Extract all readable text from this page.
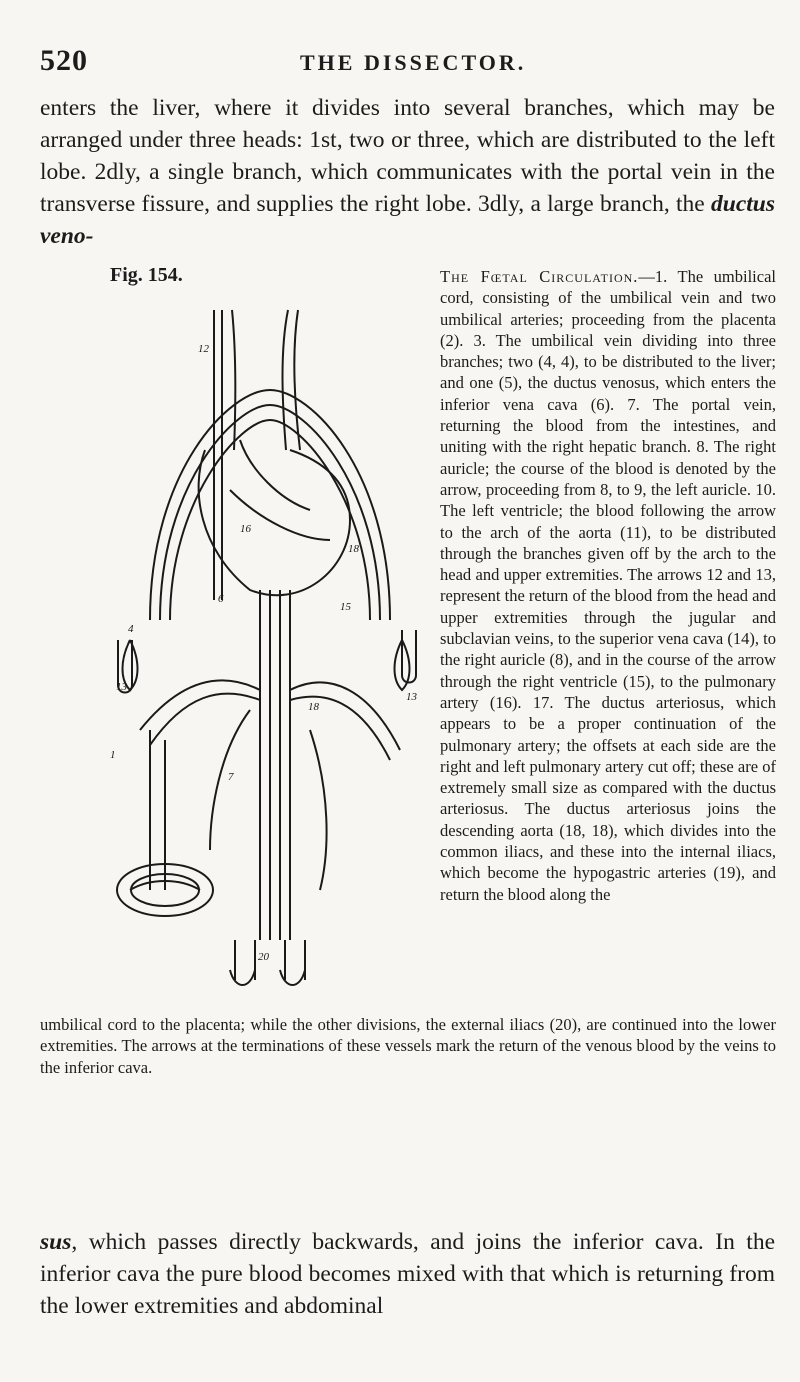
520	THE DISSECTOR.
enters the liver, where it divides into several branches, which may be arranged under three heads: 1st, two or three, which are distributed to the left lobe. 2dly, a single branch, which communicates with the portal vein in the transverse fissure, and supplies the right lobe. 3dly, a large branch, the ductus veno-
Fig. 154.
12
18
16
13
6
13
15
4
18
7
20
1
The Fœtal Circulation.—1. The umbilical cord, consisting of the umbilical vein and two umbilical arteries; proceeding from the placenta (2). 3. The umbilical vein dividing into three branches; two (4, 4), to be distributed to the liver; and one (5), the ductus venosus, which enters the inferior vena cava (6). 7. The portal vein, returning the blood from the intestines, and uniting with the right hepatic branch. 8. The right auricle; the course of the blood is denoted by the arrow, proceeding from 8, to 9, the left auricle. 10. The left ventricle; the blood following the arrow to the arch of the aorta (11), to be distributed through the branches given off by the arch to the head and upper extremities. The arrows 12 and 13, represent the return of the blood from the head and upper extremities through the jugular and subclavian veins, to the superior vena cava (14), to the right auricle (8), and in the course of the arrow through the right ventricle (15), to the pulmonary artery (16). 17. The ductus arteriosus, which appears to be a proper continuation of the pulmonary artery; the offsets at each side are the right and left pulmonary artery cut off; these are of extremely small size as compared with the ductus arteriosus. The ductus arteriosus joins the descending aorta (18, 18), which divides into the common iliacs, and these into the internal iliacs, which become the hypogastric arteries (19), and return the blood along the
umbilical cord to the placenta; while the other divisions, the external iliacs (20), are continued into the lower extremities. The arrows at the terminations of these vessels mark the return of the venous blood by the veins to the inferior cava.
sus, which passes directly backwards, and joins the inferior cava. In the inferior cava the pure blood becomes mixed with that which is returning from the lower extremities and abdominal
